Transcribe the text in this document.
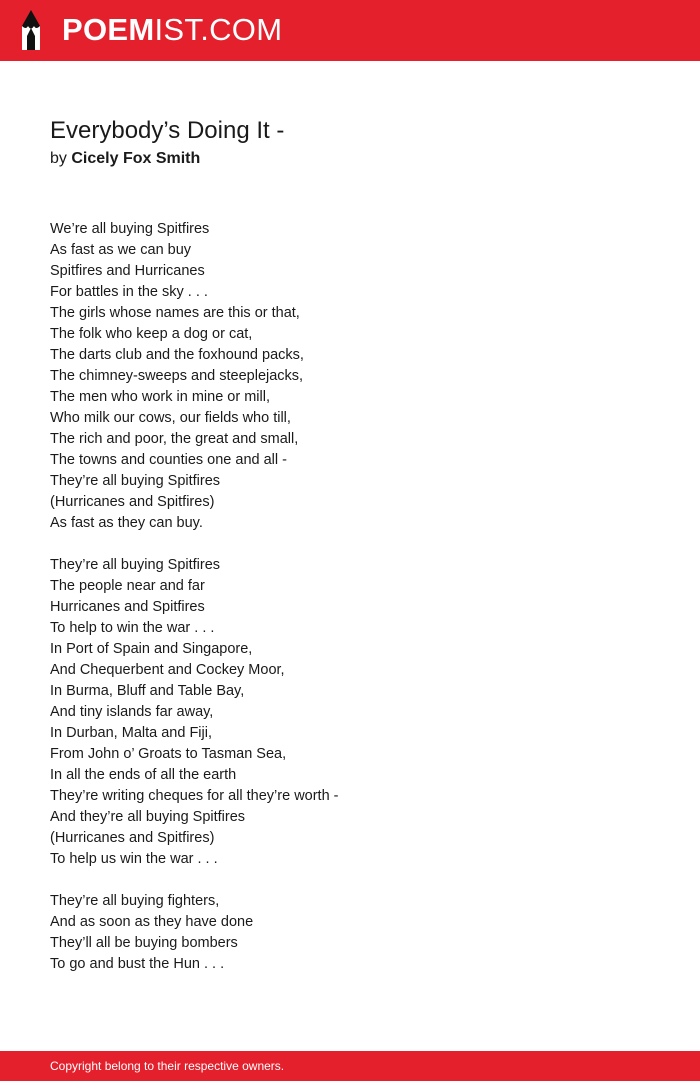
POEMIST.COM
Everybody’s Doing It -
by Cicely Fox Smith
We’re all buying Spitfires
As fast as we can buy
Spitfires and Hurricanes
For battles in the sky . . .
The girls whose names are this or that,
The folk who keep a dog or cat,
The darts club and the foxhound packs,
The chimney-sweeps and steeplejacks,
The men who work in mine or mill,
Who milk our cows, our fields who till,
The rich and poor, the great and small,
The towns and counties one and all -
They’re all buying Spitfires
(Hurricanes and Spitfires)
As fast as they can buy.
They’re all buying Spitfires
The people near and far
Hurricanes and Spitfires
To help to win the war . . .
In Port of Spain and Singapore,
And Chequerbent and Cockey Moor,
In Burma, Bluff and Table Bay,
And tiny islands far away,
In Durban, Malta and Fiji,
From John o’ Groats to Tasman Sea,
In all the ends of all the earth
They’re writing cheques for all they’re worth -
And they’re all buying Spitfires
(Hurricanes and Spitfires)
To help us win the war . . .
They’re all buying fighters,
And as soon as they have done
They’ll all be buying bombers
To go and bust the Hun . . .
Copyright belong to their respective owners.
